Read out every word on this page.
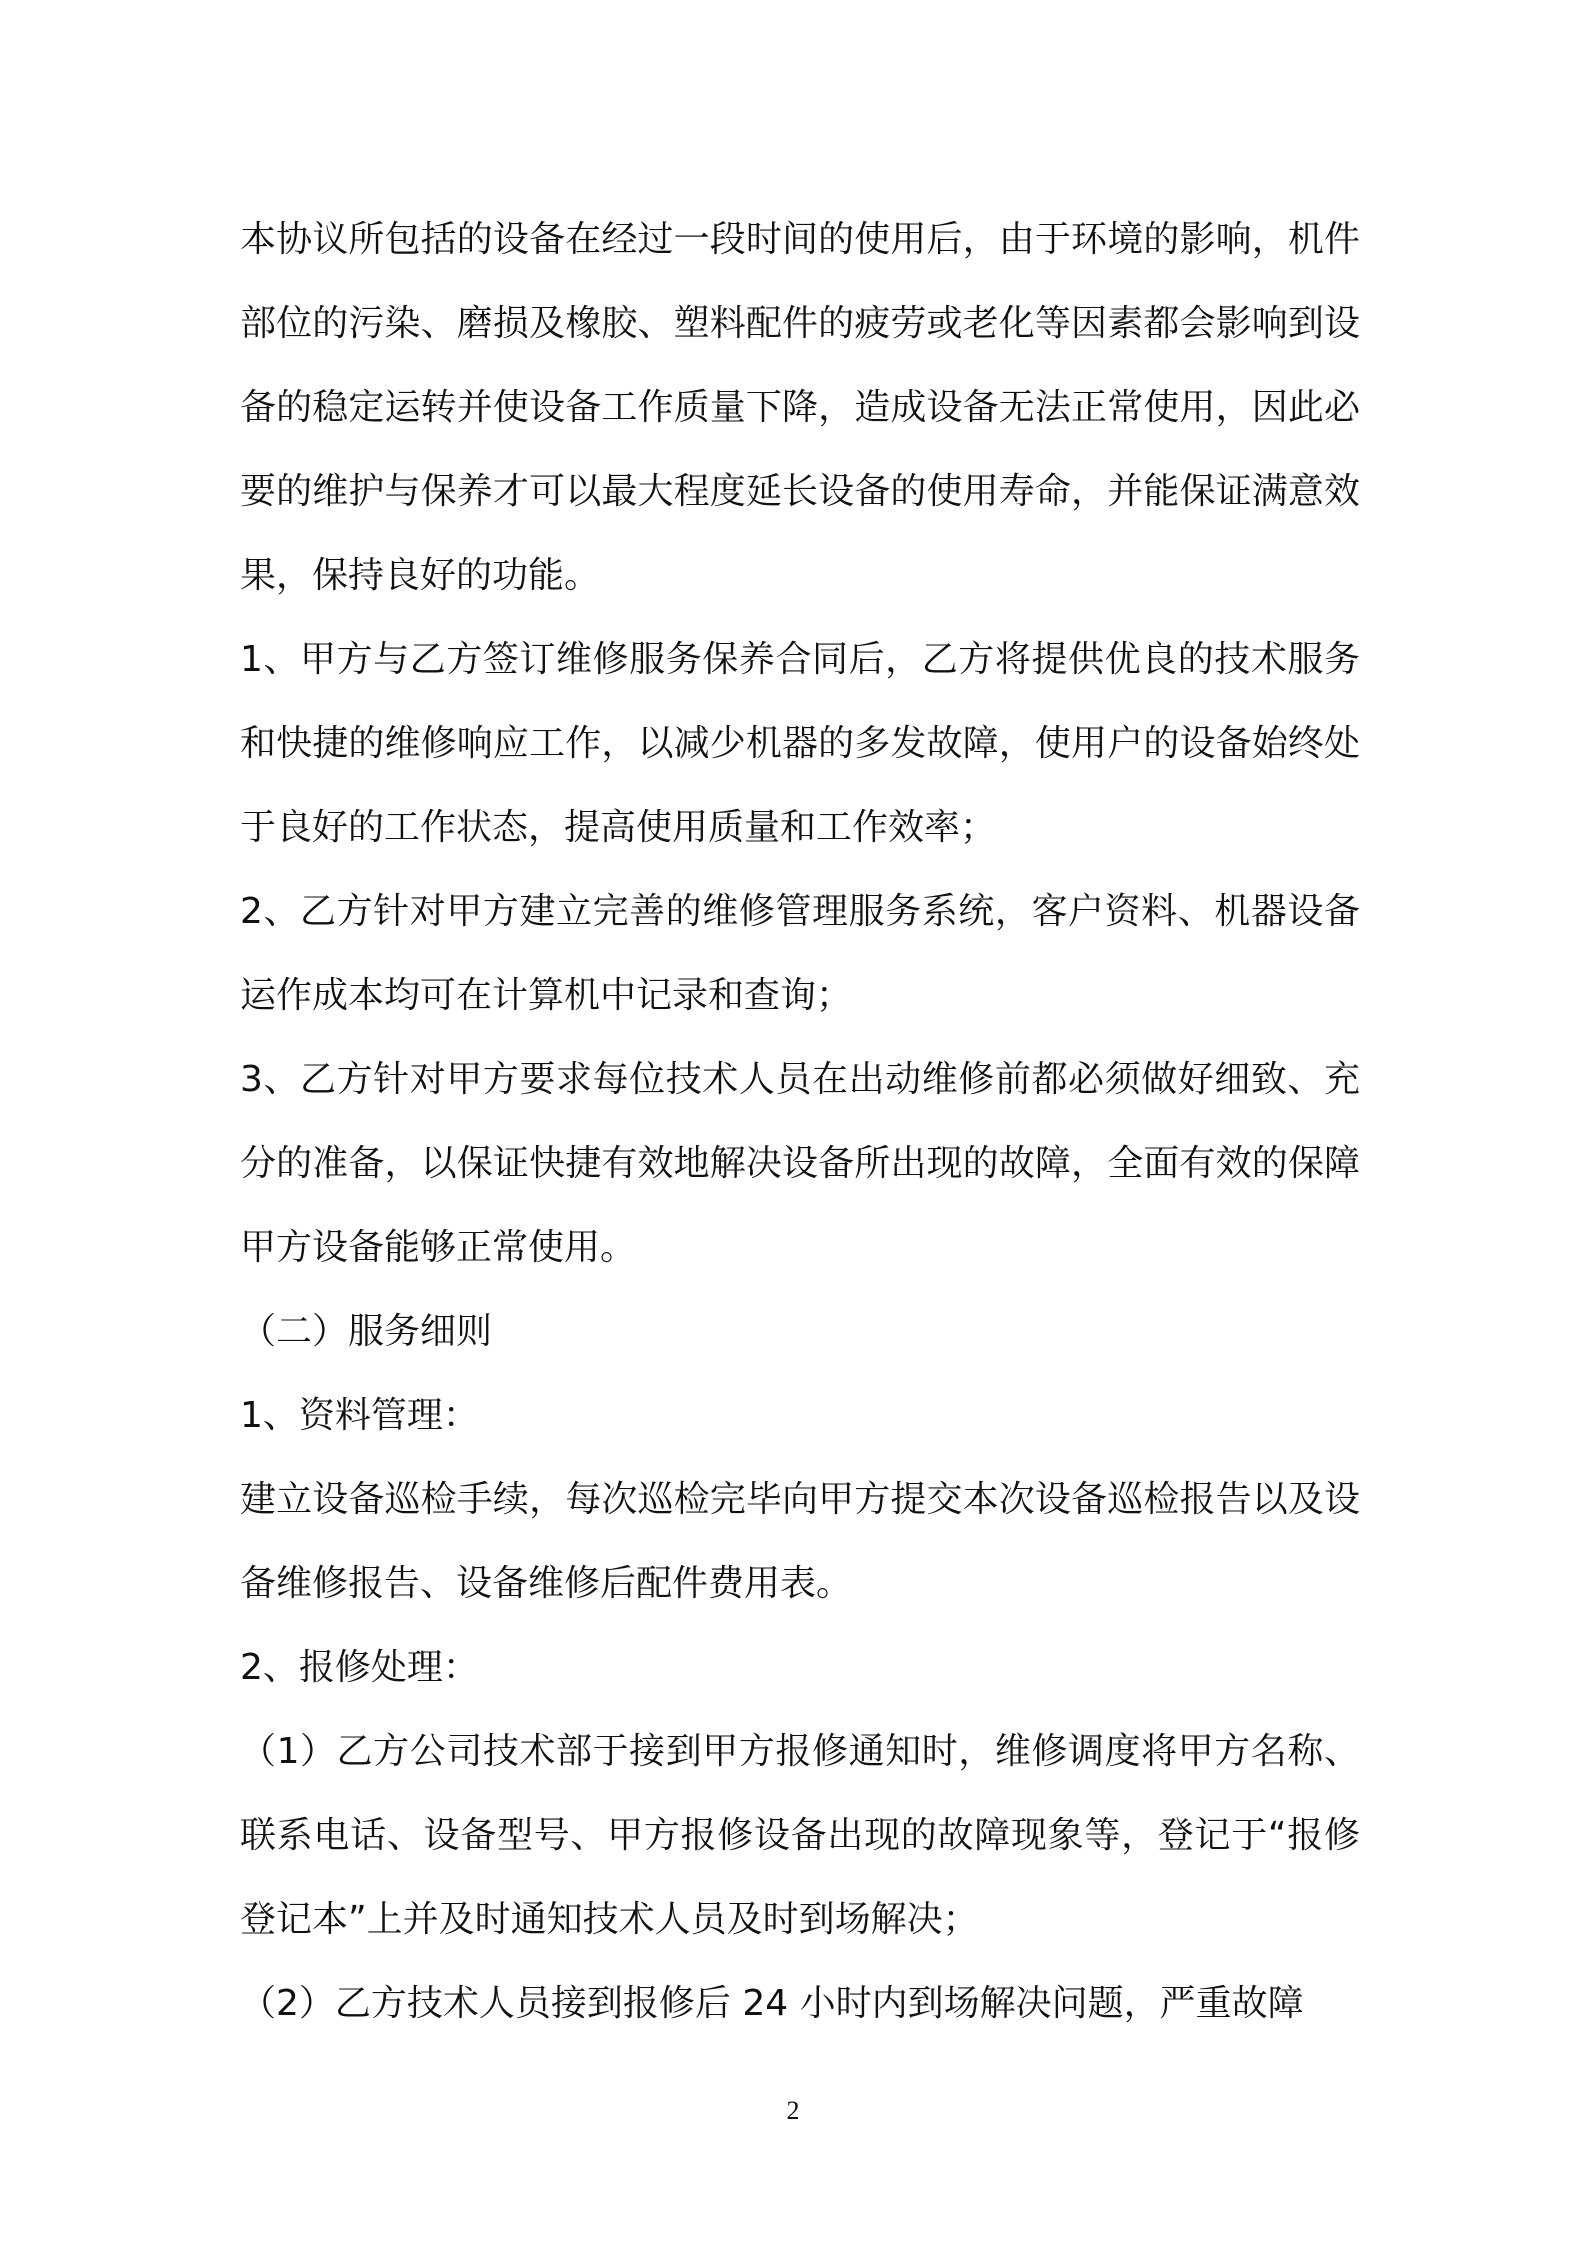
本协议所包括的设备在经过一段时间的使用后，由于环境的影响，机件部位的污染、磨损及橡胶、塑料配件的疲劳或老化等因素都会影响到设备的稳定运转并使设备工作质量下降，造成设备无法正常使用，因此必要的维护与保养才可以最大程度延长设备的使用寿命，并能保证满意效果，保持良好的功能。

1、甲方与乙方签订维修服务保养合同后，乙方将提供优良的技术服务和快捷的维修响应工作，以减少机器的多发故障，使用户的设备始终处于良好的工作状态，提高使用质量和工作效率；

2、乙方针对甲方建立完善的维修管理服务系统，客户资料、机器设备运作成本均可在计算机中记录和查询；

3、乙方针对甲方要求每位技术人员在出动维修前都必须做好细致、充分的准备，以保证快捷有效地解决设备所出现的故障，全面有效的保障甲方设备能够正常使用。

（二）服务细则

1、资料管理：

建立设备巡检手续，每次巡检完毕向甲方提交本次设备巡检报告以及设备维修报告、设备维修后配件费用表。

2、报修处理：

（1）乙方公司技术部于接到甲方报修通知时，维修调度将甲方名称、联系电话、设备型号、甲方报修设备出现的故障现象等，登记于“报修登记本”上并及时通知技术人员及时到场解决；

（2）乙方技术人员接到报修后 24 小时内到场解决问题，严重故障

2
